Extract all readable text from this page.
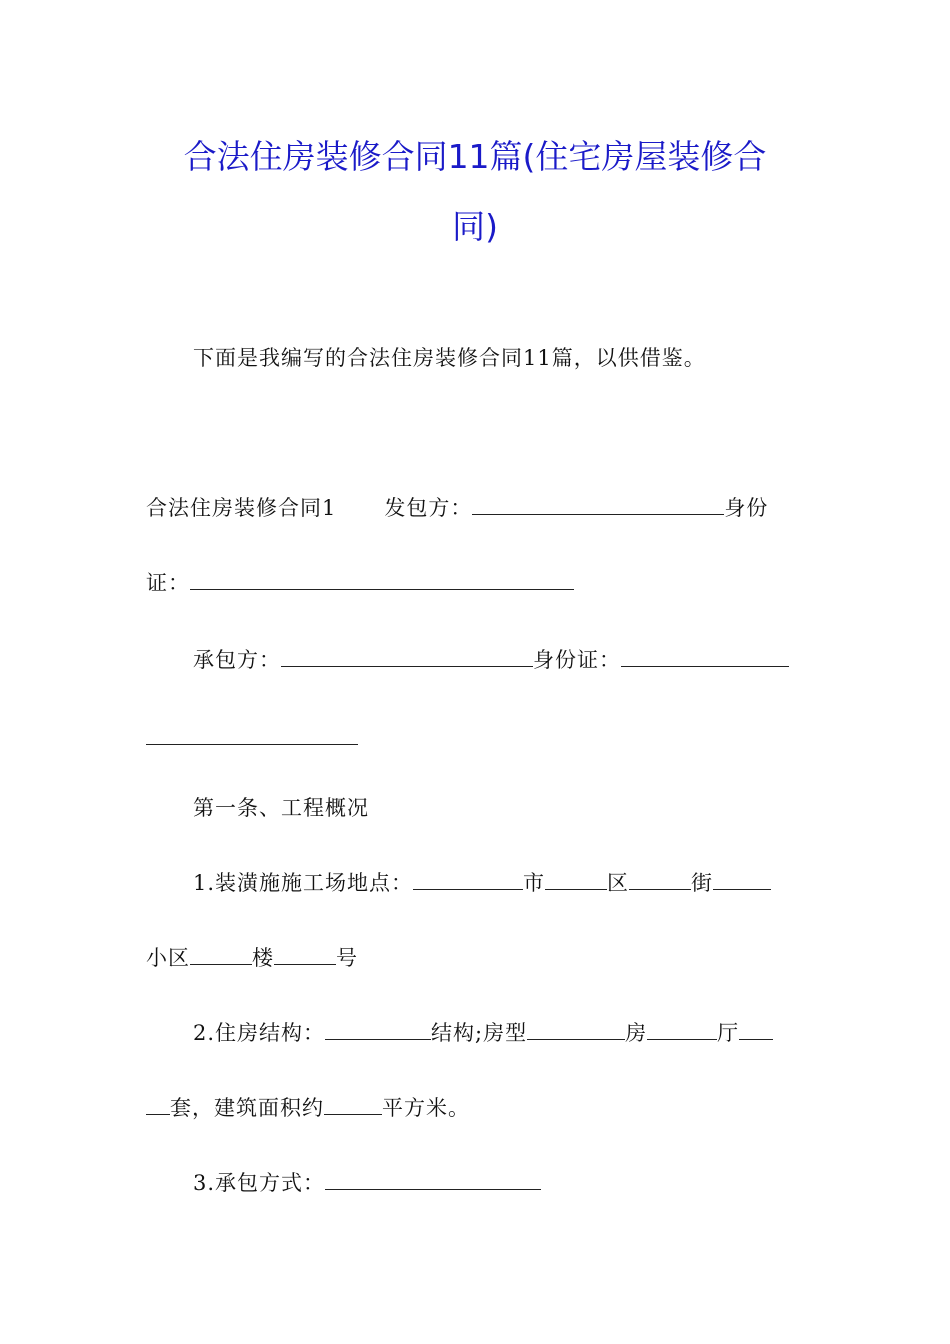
合法住房装修合同11篇(住宅房屋装修合
同)
下面是我编写的合法住房装修合同11篇，以供借鉴。
合法住房装修合同1 发包方：	身份
证：
承包方：	身份证：
第一条、工程概况
1.装潢施施工场地点：	市	区	街
小区	楼	号
2.住房结构：	结构;房型	房	厅
套，建筑面积约	平方米。
3.承包方式：
